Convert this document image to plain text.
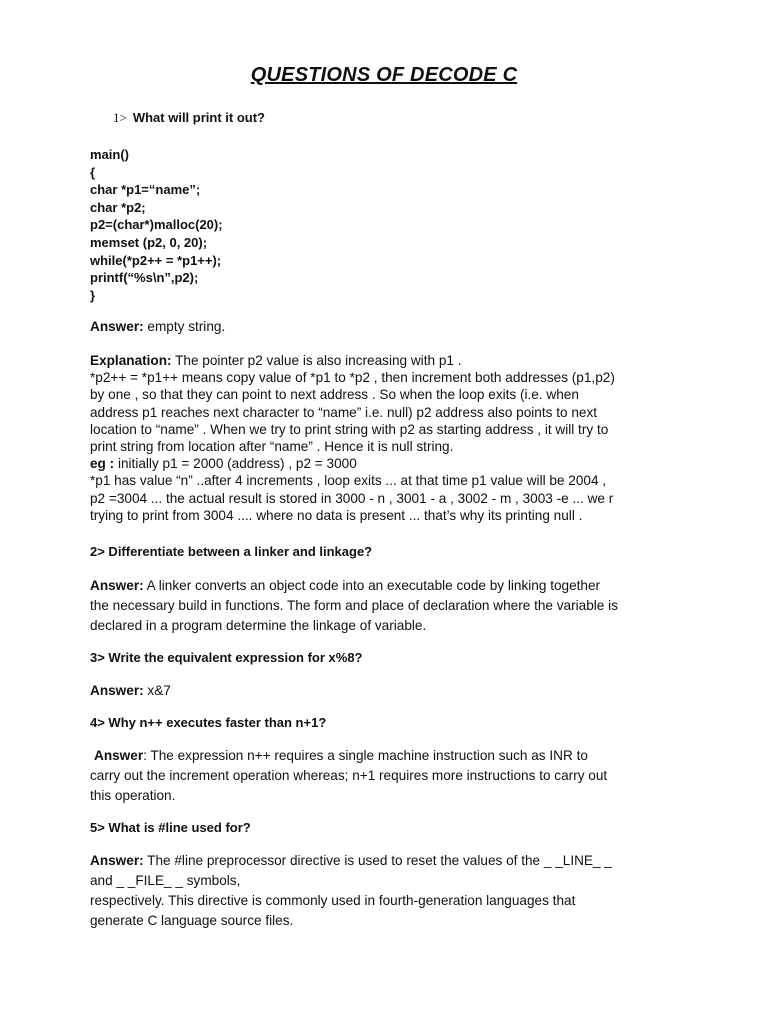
QUESTIONS OF DECODE C
1> What will print it out?
main()
{
char *p1=“name”;
char *p2;
p2=(char*)malloc(20);
memset (p2, 0, 20);
while(*p2++ = *p1++);
printf(“%s\n”,p2);
}
Answer: empty string.
Explanation: The pointer p2 value is also increasing with p1 .
*p2++ = *p1++ means copy value of *p1 to *p2 , then increment both addresses (p1,p2)
by one , so that they can point to next address . So when the loop exits (i.e. when
address p1 reaches next character to “name” i.e. null) p2 address also points to next
location to “name” . When we try to print string with p2 as starting address , it will try to
print string from location after “name” . Hence it is null string.
eg : initially p1 = 2000 (address) , p2 = 3000
*p1 has value “n” ..after 4 increments , loop exits ... at that time p1 value will be 2004 ,
p2 =3004 ... the actual result is stored in 3000 - n , 3001 - a , 3002 - m , 3003 -e ... we r
trying to print from 3004 .... where no data is present ... that’s why its printing null .
2> Differentiate between a linker and linkage?
Answer: A linker converts an object code into an executable code by linking together
the necessary build in functions. The form and place of declaration where the variable is
declared in a program determine the linkage of variable.
3> Write the equivalent expression for x%8?
Answer: x&7
4> Why n++ executes faster than n+1?
Answer: The expression n++ requires a single machine instruction such as INR to
carry out the increment operation whereas; n+1 requires more instructions to carry out
this operation.
5> What is #line used for?
Answer: The #line preprocessor directive is used to reset the values of the _ _LINE_ _
and _ _FILE_ _ symbols,
respectively. This directive is commonly used in fourth-generation languages that
generate C language source files.
